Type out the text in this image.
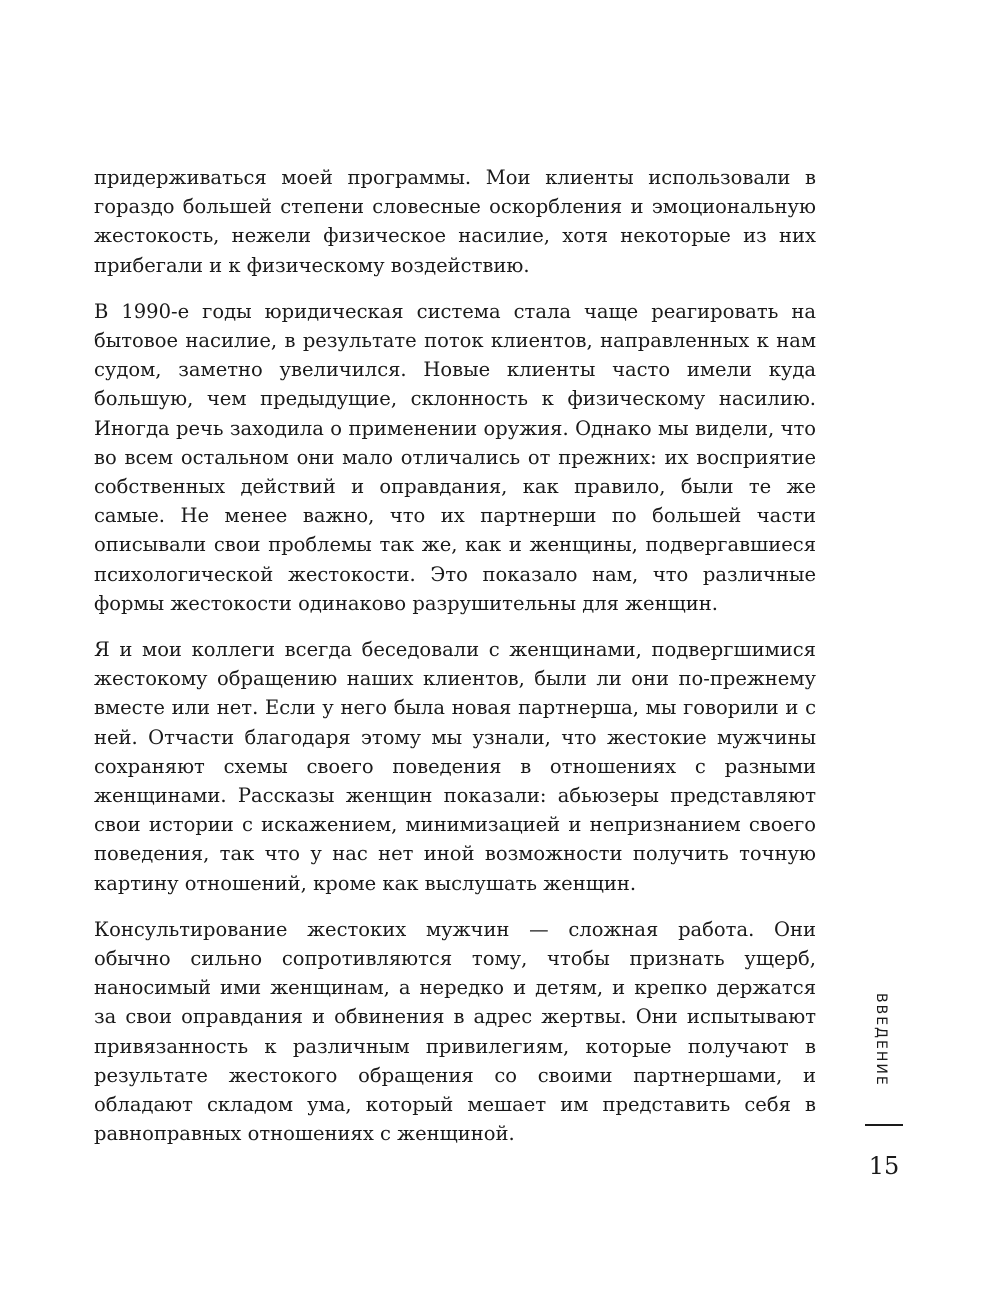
придерживаться моей программы. Мои клиенты использовали в гораздо большей степени словесные оскорбления и эмоциональную жестокость, нежели физическое насилие, хотя некоторые из них прибегали и к физическому воздействию.

В 1990-е годы юридическая система стала чаще реагировать на бытовое насилие, в результате поток клиентов, направленных к нам судом, заметно увеличился. Новые клиенты часто имели куда большую, чем предыдущие, склонность к физическому насилию. Иногда речь заходила о применении оружия. Однако мы видели, что во всем остальном они мало отличались от прежних: их восприятие собственных действий и оправдания, как правило, были те же самые. Не менее важно, что их партнерши по большей части описывали свои проблемы так же, как и женщины, подвергавшиеся психологической жестокости. Это показало нам, что различные формы жестокости одинаково разрушительны для женщин.

Я и мои коллеги всегда беседовали с женщинами, подвергшимися жестокому обращению наших клиентов, были ли они по-прежнему вместе или нет. Если у него была новая партнерша, мы говорили и с ней. Отчасти благодаря этому мы узнали, что жестокие мужчины сохраняют схемы своего поведения в отношениях с разными женщинами. Рассказы женщин показали: абьюзеры представляют свои истории с искажением, минимизацией и непризнанием своего поведения, так что у нас нет иной возможности получить точную картину отношений, кроме как выслушать женщин.

Консультирование жестоких мужчин — сложная работа. Они обычно сильно сопротивляются тому, чтобы признать ущерб, наносимый ими женщинам, а нередко и детям, и крепко держатся за свои оправдания и обвинения в адрес жертвы. Они испытывают привязанность к различным привилегиям, которые получают в результате жестокого обращения со своими партнершами, и обладают складом ума, который мешает им представить себя в равноправных отношениях с женщиной.

ВВЕДЕНИЕ
15
